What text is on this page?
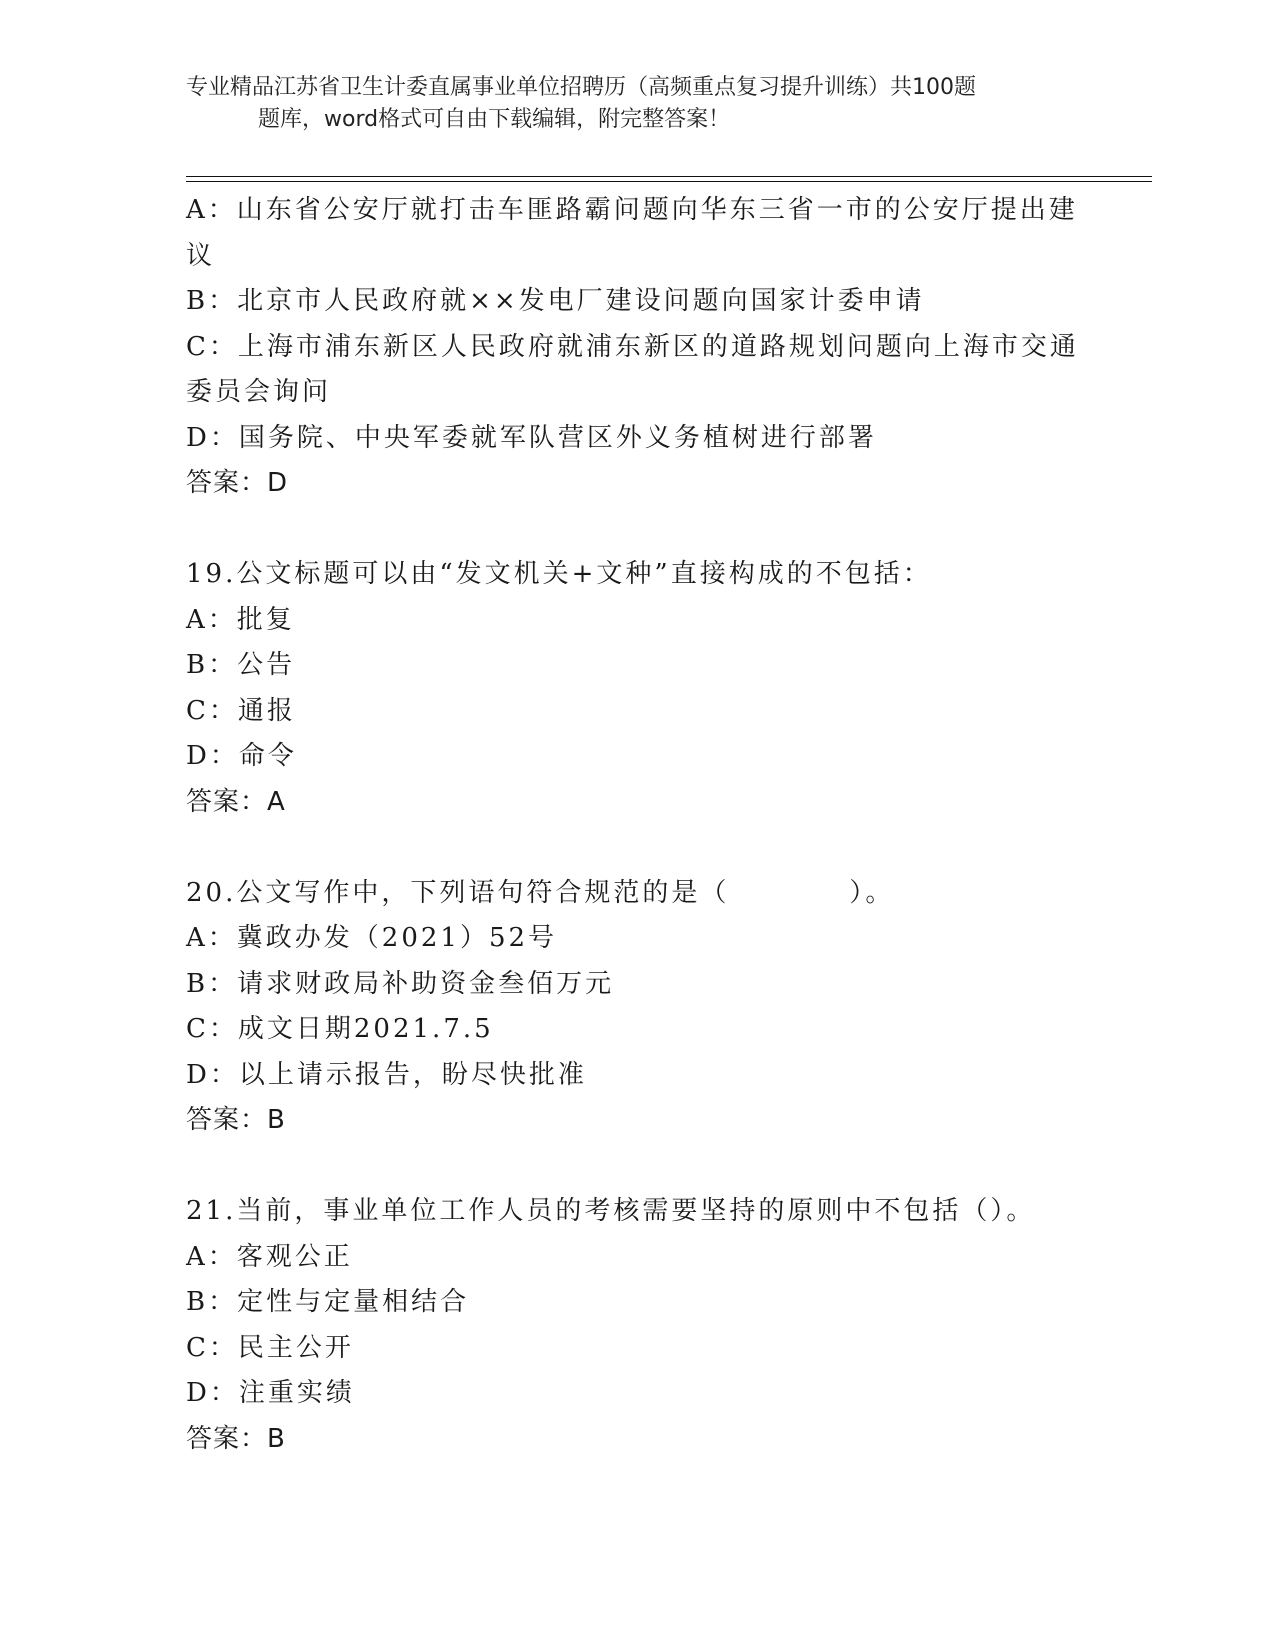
专业精品江苏省卫生计委直属事业单位招聘历（高频重点复习提升训练）共100题
题库，word格式可自由下载编辑，附完整答案！
A：山东省公安厅就打击车匪路霸问题向华东三省一市的公安厅提出建
议
B：北京市人民政府就××发电厂建设问题向国家计委申请
C：上海市浦东新区人民政府就浦东新区的道路规划问题向上海市交通
委员会询问
D：国务院、中央军委就军队营区外义务植树进行部署
答案：D
19.公文标题可以由“发文机关+文种”直接构成的不包括：
A：批复
B：公告
C：通报
D：命令
答案：A
20.公文写作中，下列语句符合规范的是（	）。
A：冀政办发（2021）52号
B：请求财政局补助资金叁佰万元
C：成文日期2021.7.5
D：以上请示报告，盼尽快批准
答案：B
21.当前，事业单位工作人员的考核需要坚持的原则中不包括（）。
A：客观公正
B：定性与定量相结合
C：民主公开
D：注重实绩
答案：B
